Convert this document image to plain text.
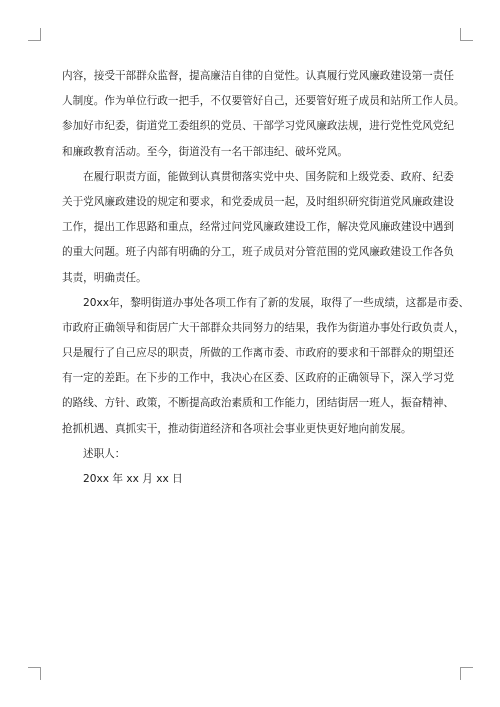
内容，接受干部群众监督，提高廉洁自律的自觉性。认真履行党风廉政建设第一责任
人制度。作为单位行政一把手，不仅要管好自己，还要管好班子成员和站所工作人员。
参加好市纪委，街道党工委组织的党员、干部学习党风廉政法规，进行党性党风党纪
和廉政教育活动。至今，街道没有一名干部违纪、破坏党风。
在履行职责方面，能做到认真贯彻落实党中央、国务院和上级党委、政府、纪委
关于党风廉政建设的规定和要求，和党委成员一起，及时组织研究街道党风廉政建设
工作，提出工作思路和重点，经常过问党风廉政建设工作，解决党风廉政建设中遇到
的重大问题。班子内部有明确的分工，班子成员对分管范围的党风廉政建设工作各负
其责，明确责任。
20xx年，黎明街道办事处各项工作有了新的发展，取得了一些成绩，这都是市委、
市政府正确领导和街居广大干部群众共同努力的结果，我作为街道办事处行政负责人，
只是履行了自己应尽的职责，所做的工作离市委、市政府的要求和干部群众的期望还
有一定的差距。在下步的工作中，我决心在区委、区政府的正确领导下，深入学习党
的路线、方针、政策，不断提高政治素质和工作能力，团结街居一班人，振奋精神、
抢抓机遇、真抓实干，推动街道经济和各项社会事业更快更好地向前发展。
述职人：
20xx 年 xx 月 xx 日
